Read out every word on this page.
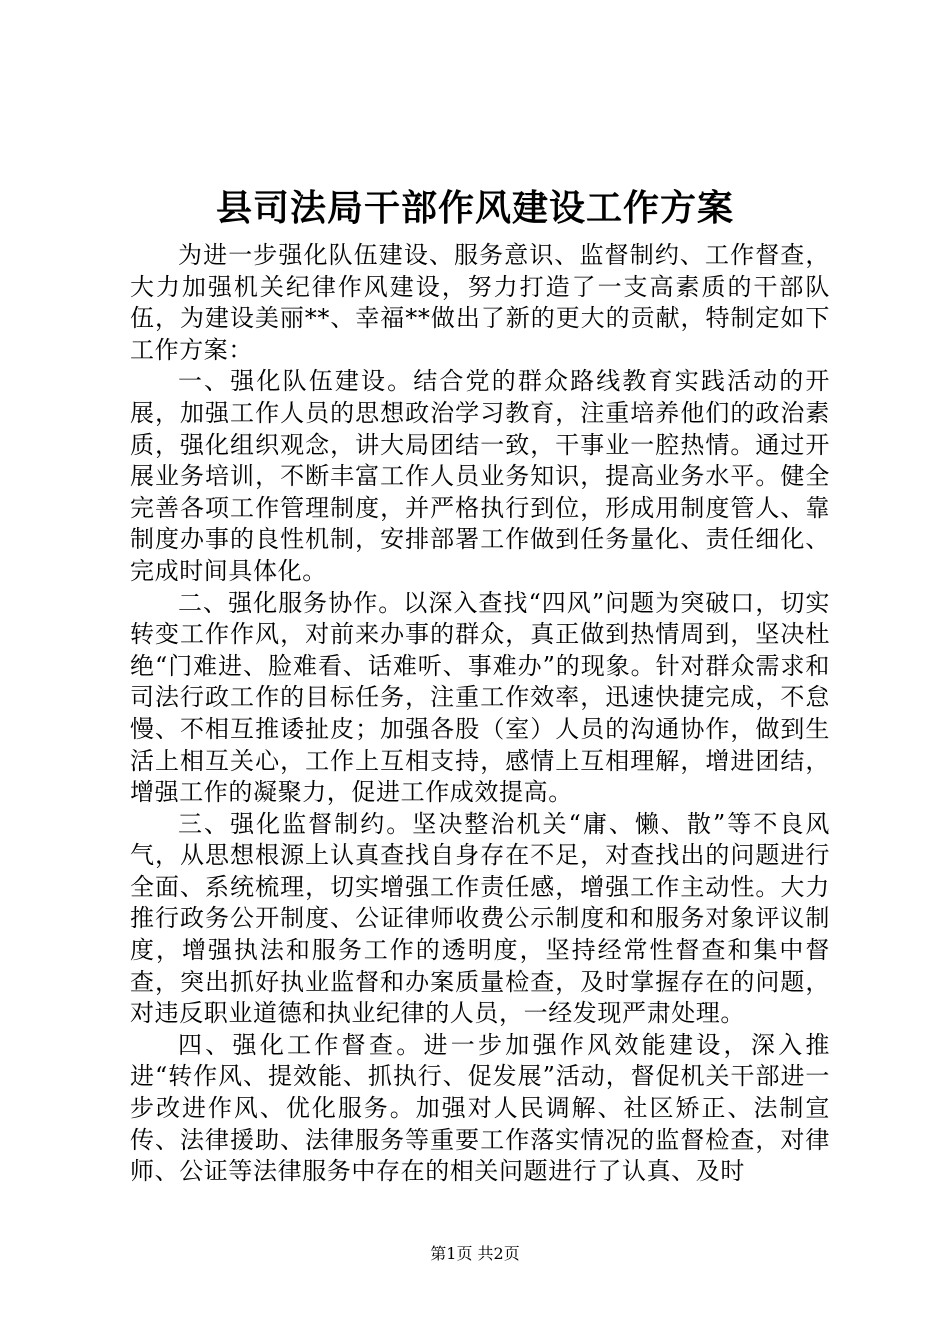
县司法局干部作风建设工作方案

为进一步强化队伍建设、服务意识、监督制约、工作督查，大力加强机关纪律作风建设，努力打造了一支高素质的干部队伍，为建设美丽**、幸福**做出了新的更大的贡献，特制定如下工作方案：

一、强化队伍建设。结合党的群众路线教育实践活动的开展，加强工作人员的思想政治学习教育，注重培养他们的政治素质，强化组织观念，讲大局团结一致，干事业一腔热情。通过开展业务培训，不断丰富工作人员业务知识，提高业务水平。健全完善各项工作管理制度，并严格执行到位，形成用制度管人、靠制度办事的良性机制，安排部署工作做到任务量化、责任细化、完成时间具体化。

二、强化服务协作。以深入查找“四风”问题为突破口，切实转变工作作风，对前来办事的群众，真正做到热情周到，坚决杜绝“门难进、脸难看、话难听、事难办”的现象。针对群众需求和司法行政工作的目标任务，注重工作效率，迅速快捷完成，不怠慢、不相互推诿扯皮；加强各股（室）人员的沟通协作，做到生活上相互关心，工作上互相支持，感情上互相理解，增进团结，增强工作的凝聚力，促进工作成效提高。

三、强化监督制约。坚决整治机关“庸、懒、散”等不良风气，从思想根源上认真查找自身存在不足，对查找出的问题进行全面、系统梳理，切实增强工作责任感，增强工作主动性。大力推行政务公开制度、公证律师收费公示制度和和服务对象评议制度，增强执法和服务工作的透明度，坚持经常性督查和集中督查，突出抓好执业监督和办案质量检查，及时掌握存在的问题，对违反职业道德和执业纪律的人员，一经发现严肃处理。

四、强化工作督查。进一步加强作风效能建设，深入推进“转作风、提效能、抓执行、促发展”活动，督促机关干部进一步改进作风、优化服务。加强对人民调解、社区矫正、法制宣传、法律援助、法律服务等重要工作落实情况的监督检查，对律师、公证等法律服务中存在的相关问题进行了认真、及时

第1页 共2页
